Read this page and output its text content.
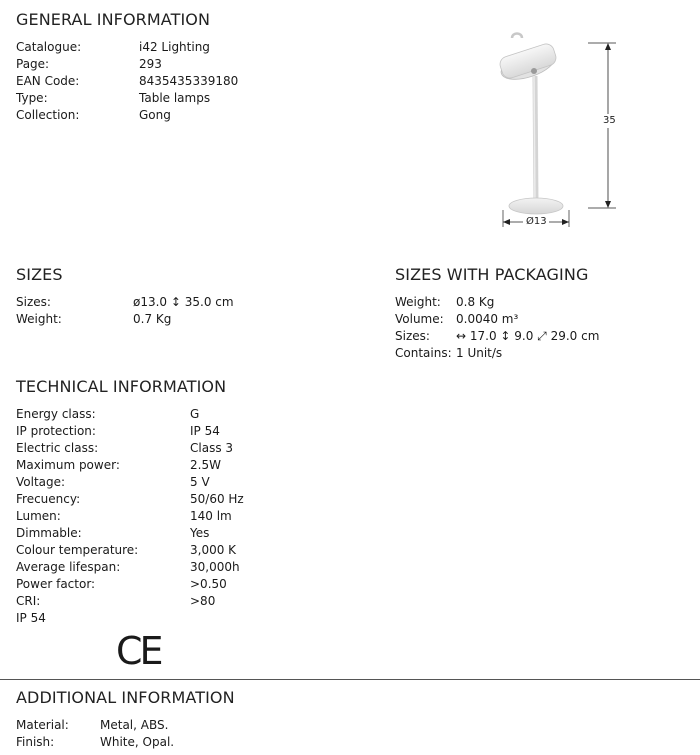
GENERAL INFORMATION
Catalogue:	i42 Lighting
Page:	293
EAN Code:	8435435339180
Type:	Table lamps
Collection:	Gong	35
Ø13
SIZES
Sizes:	ø13.0 ↕ 35.0 cm
Weight:	0.7 Kg
SIZES WITH PACKAGING
Weight: 0.8 Kg
Volume: 0.0040 m³
Sizes: ↔ 17.0 ↕ 9.0 ⤢ 29.0 cm
Contains: 1 Unit/s
TECHNICAL INFORMATION
Energy class:	G
IP protection:	IP 54
Electric class:	Class 3
Maximum power:	2.5W
Voltage:	5 V
Frecuency:	50/60 Hz
Lumen:	140 lm
Dimmable:	Yes
Colour temperature:	3,000 K
Average lifespan:	30,000h
Power factor:	>0.50
CRI:	>80
IP 54
CE
ADDITIONAL INFORMATION
Material:	Metal, ABS.
Finish:	White, Opal.
